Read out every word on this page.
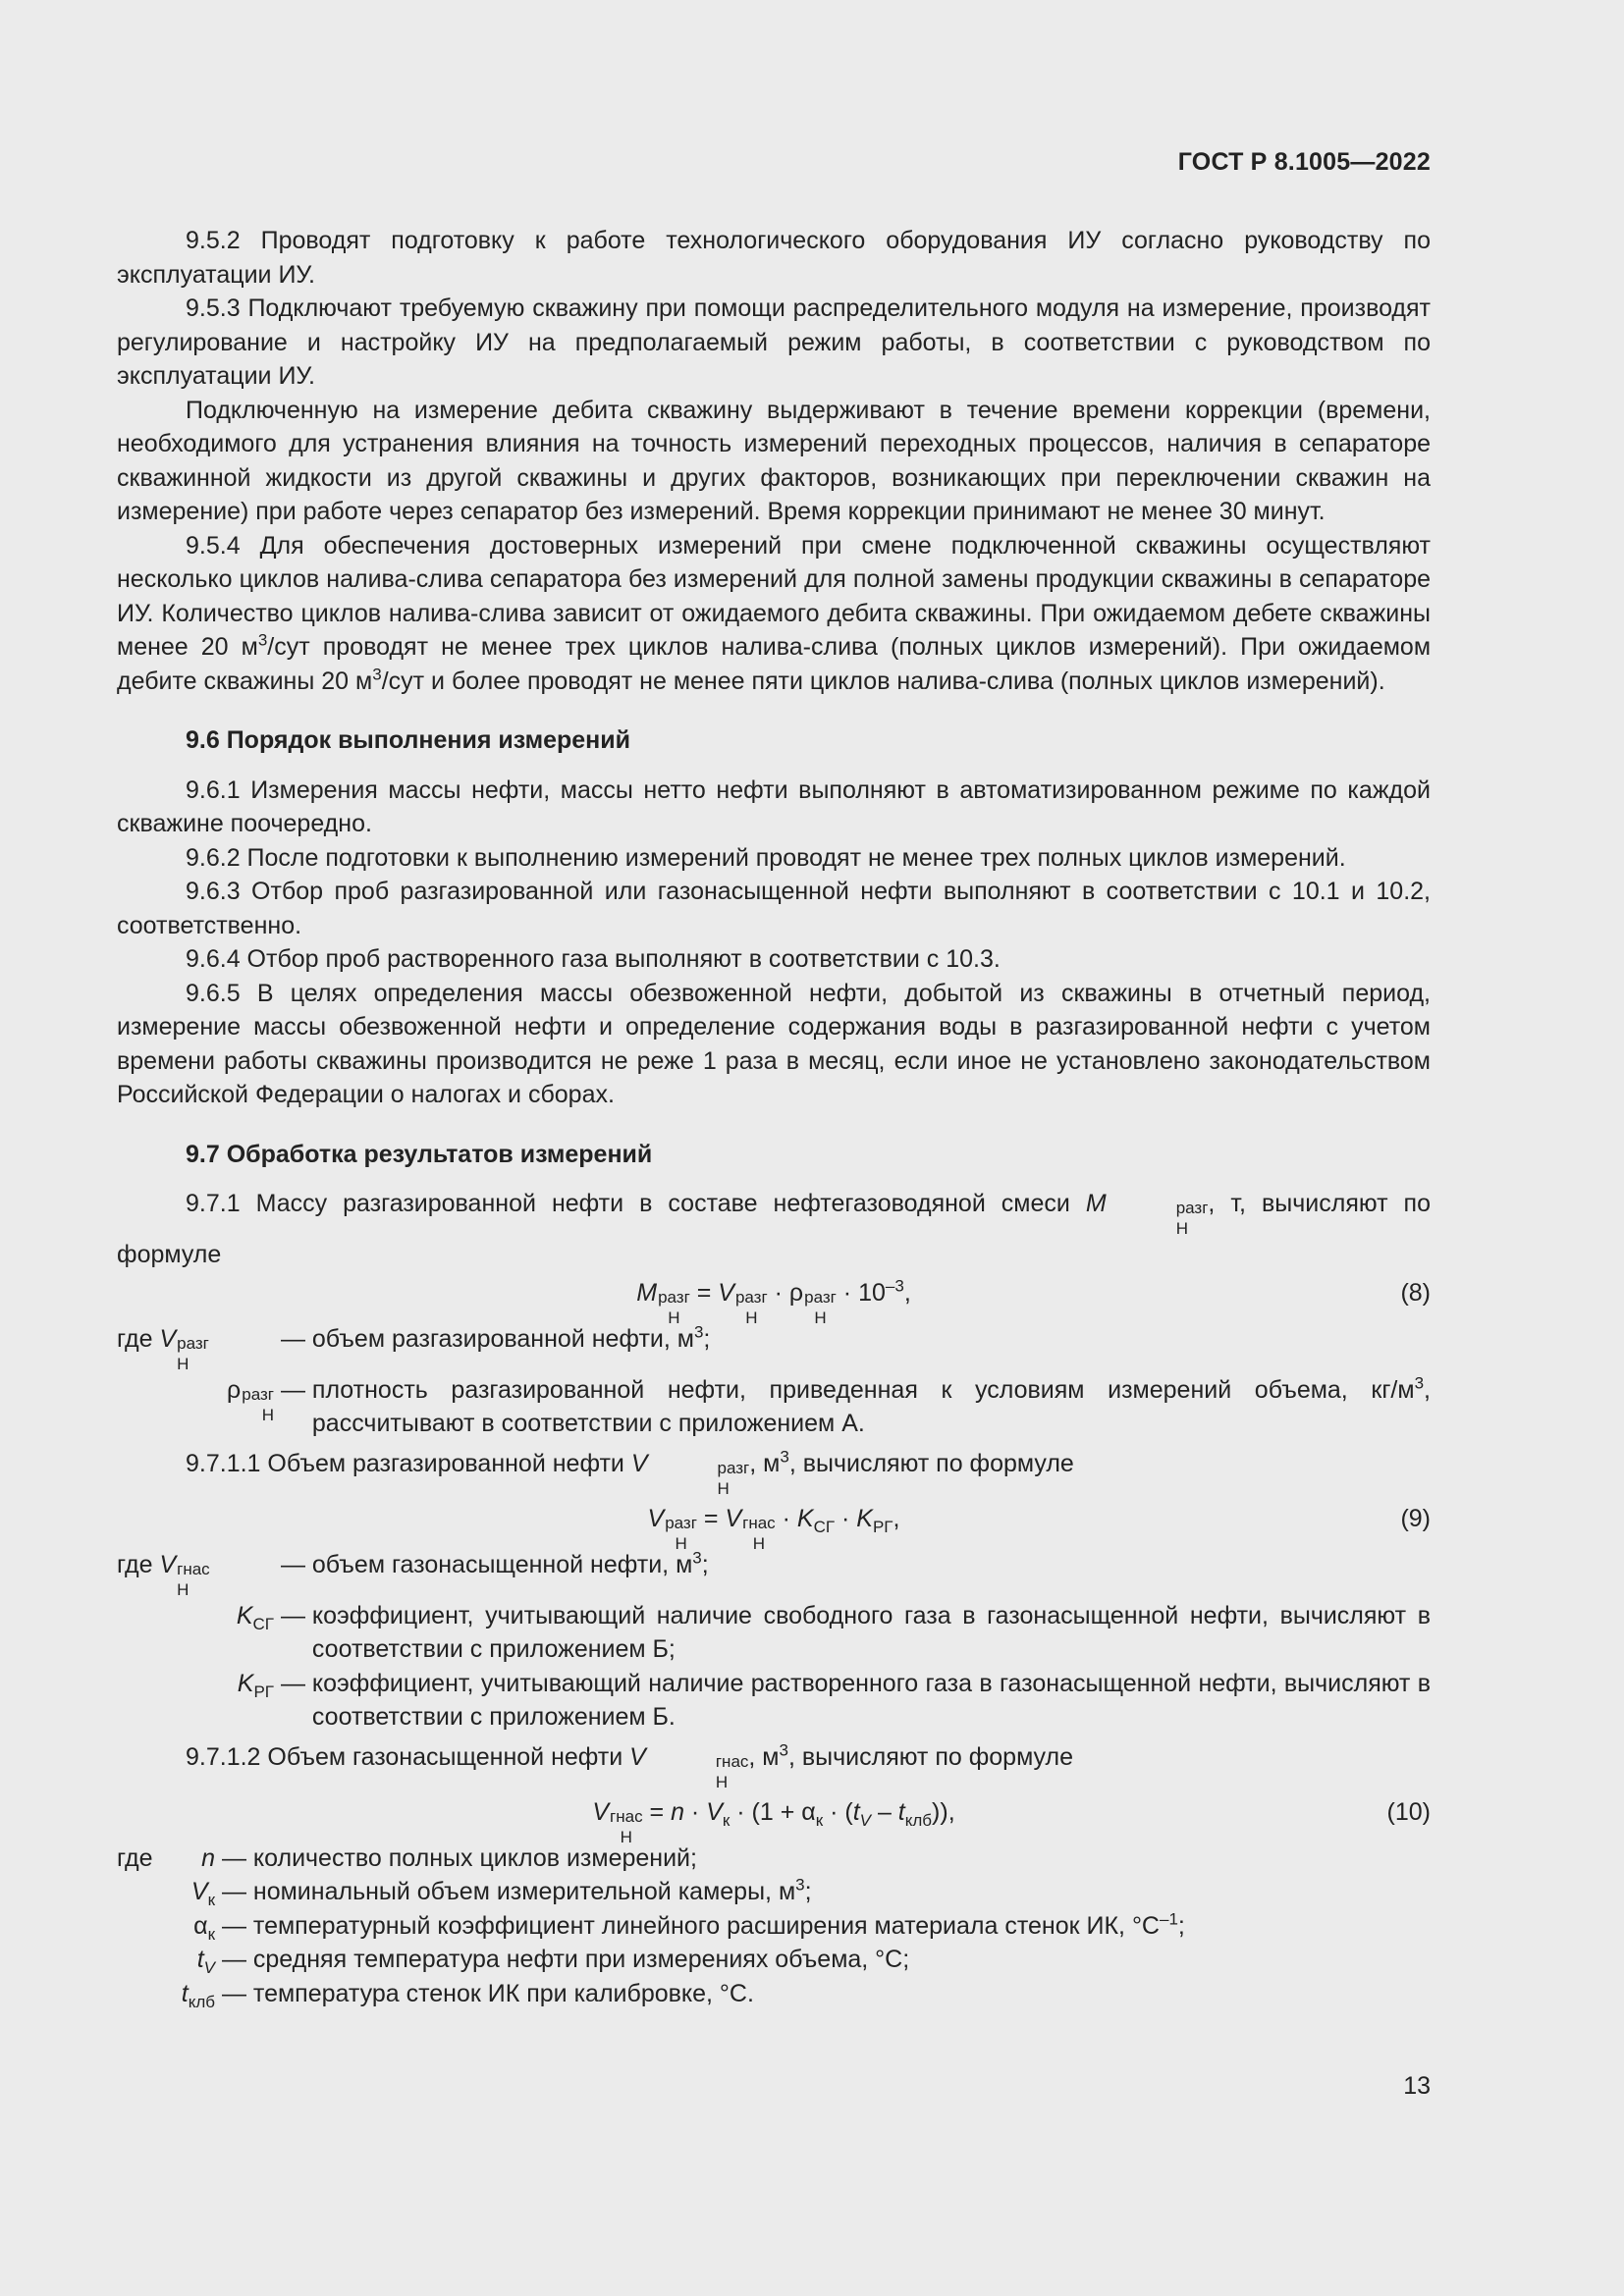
ГОСТ Р 8.1005—2022

9.5.2 Проводят подготовку к работе технологического оборудования ИУ согласно руководству по эксплуатации ИУ.

9.5.3 Подключают требуемую скважину при помощи распределительного модуля на измерение, производят регулирование и настройку ИУ на предполагаемый режим работы, в соответствии с руководством по эксплуатации ИУ.

Подключенную на измерение дебита скважину выдерживают в течение времени коррекции (времени, необходимого для устранения влияния на точность измерений переходных процессов, наличия в сепараторе скважинной жидкости из другой скважины и других факторов, возникающих при переключении скважин на измерение) при работе через сепаратор без измерений. Время коррекции принимают не менее 30 минут.

9.5.4 Для обеспечения достоверных измерений при смене подключенной скважины осуществляют несколько циклов налива-слива сепаратора без измерений для полной замены продукции скважины в сепараторе ИУ. Количество циклов налива-слива зависит от ожидаемого дебита скважины. При ожидаемом дебете скважины менее 20 $м^3$/сут проводят не менее трех циклов налива-слива (полных циклов измерений). При ожидаемом дебите скважины 20 $м^3$/сут и более проводят не менее пяти циклов налива-слива (полных циклов измерений).

9.6 Порядок выполнения измерений

9.6.1 Измерения массы нефти, массы нетто нефти выполняют в автоматизированном режиме по каждой скважине поочередно.

9.6.2 После подготовки к выполнению измерений проводят не менее трех полных циклов измерений.

9.6.3 Отбор проб разгазированной или газонасыщенной нефти выполняют в соответствии с 10.1 и 10.2, соответственно.

9.6.4 Отбор проб растворенного газа выполняют в соответствии с 10.3.

9.6.5 В целях определения массы обезвоженной нефти, добытой из скважины в отчетный период, измерение массы обезвоженной нефти и определение содержания воды в разгазированной нефти с учетом времени работы скважины производится не реже 1 раза в месяц, если иное не установлено законодательством Российской Федерации о налогах и сборах.

9.7 Обработка результатов измерений

9.7.1 Массу разгазированной нефти в составе нефтегазоводяной смеси M	разг
Н
, т, вычисляют по формуле

M разг
Н
= V разг
Н
· ρ разг
Н
· $10^{-3}$,	(8)
где V разг
Н
— объем разгазированной нефти, $м^3$;
ρ разг
Н
— плотность разгазированной нефти, приведенная к условиям измерений объема, $кг/м^3$, рассчитывают в соответствии с приложением А.

9.7.1.1 Объем разгазированной нефти V	разг
Н
, $м^3$, вычисляют по формуле

V разг
Н
= V гнас
Н
· $K_{СГ} \cdot K_{РГ}$,	(9)
где V гнас
Н
— объем газонасыщенной нефти, $м^3$;
$K_{СГ}$ — коэффициент, учитывающий наличие свободного газа в газонасыщенной нефти, вычисляют в соответствии с приложением Б;
$K_{РГ}$ — коэффициент, учитывающий наличие растворенного газа в газонасыщенной нефти, вычисляют в соответствии с приложением Б.

9.7.1.2 Объем газонасыщенной нефти V	гнас
Н
, $м^3$, вычисляют по формуле

V гнас
Н
= $n \cdot V_к \cdot (1 + \alpha_к \cdot (t_V - t_{клб}))$,	(10)
где n — количество полных циклов измерений;
$V_к$ — номинальный объем измерительной камеры, $м^3$;
$\alpha_к$ — температурный коэффициент линейного расширения материала стенок ИК, $^\circ С^{-1}$;
$t_V$ — средняя температура нефти при измерениях объема, °С;
$t_{клб}$ — температура стенок ИК при калибровке, °С.
13
